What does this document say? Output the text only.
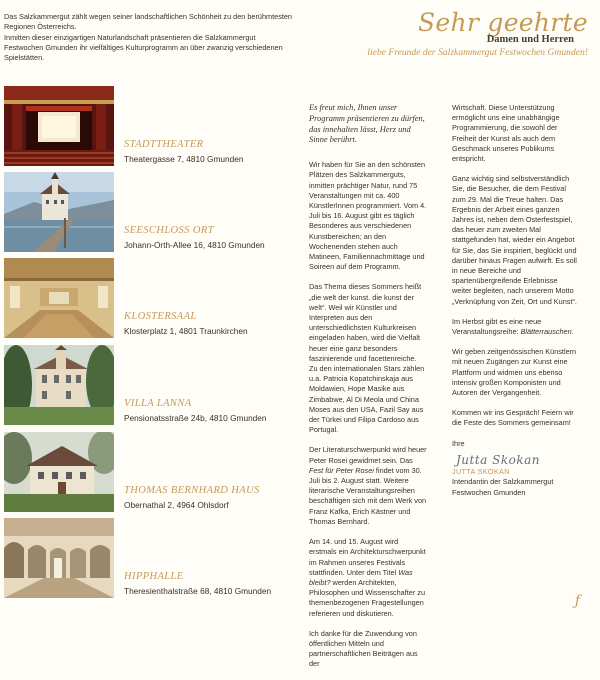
Das Salzkammergut zählt wegen seiner landschaftlichen Schönheit zu den berühmtesten Regionen Österreichs.

Inmitten dieser einzigartigen Naturlandschaft präsentieren die Salzkammergut Festwochen Gmunden ihr vielfältiges Kulturprogramm an über zwanzig verschiedenen Spielstätten.

Sehr geehrte
Damen und Herren
liebe Freunde der Salzkammergut Festwochen Gmunden!
STADTTHEATER
Theatergasse 7, 4810 Gmunden
SEESCHLOSS ORT
Johann-Orth-Allee 16, 4810 Gmunden
KLOSTERSAAL
Klosterplatz 1, 4801 Traunkirchen
VILLA LANNA
Pensionatsstraße 24b, 4810 Gmunden
THOMAS BERNHARD HAUS
Obernathal 2, 4964 Ohlsdorf
HIPPHALLE
Theresienthalstraße 68, 4810 Gmunden

Es freut mich, Ihnen unser Programm präsentieren zu dürfen, das innehalten lässt, Herz und Sinne berührt.

Wir haben für Sie an den schönsten Plätzen des Salzkammerguts, inmitten prächtiger Natur, rund 75 Veranstaltungen mit ca. 400 KünstlerInnen programmiert. Vom 4. Juli bis 16. August gibt es täglich Besonderes aus verschiedenen Kunstbereichen; an den Wochenenden stehen auch Matineen, Familiennachmittage und Soireen auf dem Programm.

Das Thema dieses Sommers heißt „die welt der kunst. die kunst der welt“. Weil wir Künstler und Interpreten aus den unterschiedlichsten Kulturkreisen eingeladen haben, wird die Vielfalt heuer eine ganz besonders faszinierende und facettenreiche. Zu den internationalen Stars zählen u.a. Patricia Kopatchinskaja aus Moldawien, Hope Masike aus Zimbabwe, Al Di Meola und China Moses aus den USA, Fazil Say aus der Türkei und Filipa Cardoso aus Portugal.

Der Literaturschwerpunkt wird heuer Peter Rosei gewidmet sein. Das Fest für Peter Rosei findet vom 30. Juli bis 2. August statt. Weitere literarische Veranstaltungsreihen beschäftigen sich mit dem Werk von Franz Kafka, Erich Kästner und Thomas Bernhard.

Am 14. und 15. August wird erstmals ein Architekturschwerpunkt im Rahmen unseres Festivals stattfinden. Unter dem Titel Was bleibt? werden Architekten, Philosophen und Wissenschafter zu themenbezogenen Fragestellungen referieren und diskutieren.

Ich danke für die Zuwendung von öffentlichen Mitteln und partnerschaftlichen Beiträgen aus der

Wirtschaft. Diese Unterstützung ermöglicht uns eine unabhängige Programmierung, die sowohl der Freiheit der Kunst als auch dem Geschmack unseres Publikums entspricht.

Ganz wichtig sind selbstverständlich Sie, die Besucher, die dem Festival zum 29. Mal die Treue halten. Das Ergebnis der Arbeit eines ganzen Jahres ist, neben dem Osterfestspiel, das heuer zum zweiten Mal stattgefunden hat, wieder ein Angebot für Sie, das Sie inspiriert, beglückt und darüber hinaus Fragen aufwirft. Es soll in neue Bereiche und spartenübergreifende Erlebnisse weiter begleiten, nach unserem Motto „Verknüpfung von Zeit, Ort und Kunst“.

Im Herbst gibt es eine neue Veranstaltungsreihe: Blätterrauschen.

Wir geben zeitgenössischen Künstlern mit neuen Zugängen zur Kunst eine Plattform und widmen uns ebenso intensiv großen Komponisten und Autoren der Vergangenheit.

Kommen wir ins Gespräch! Feiern wir die Feste des Sommers gemeinsam!

Ihre

Jutta Skokan
JUTTA SKOKAN
Intendantin der Salzkammergut Festwochen Gmunden
ƒ
